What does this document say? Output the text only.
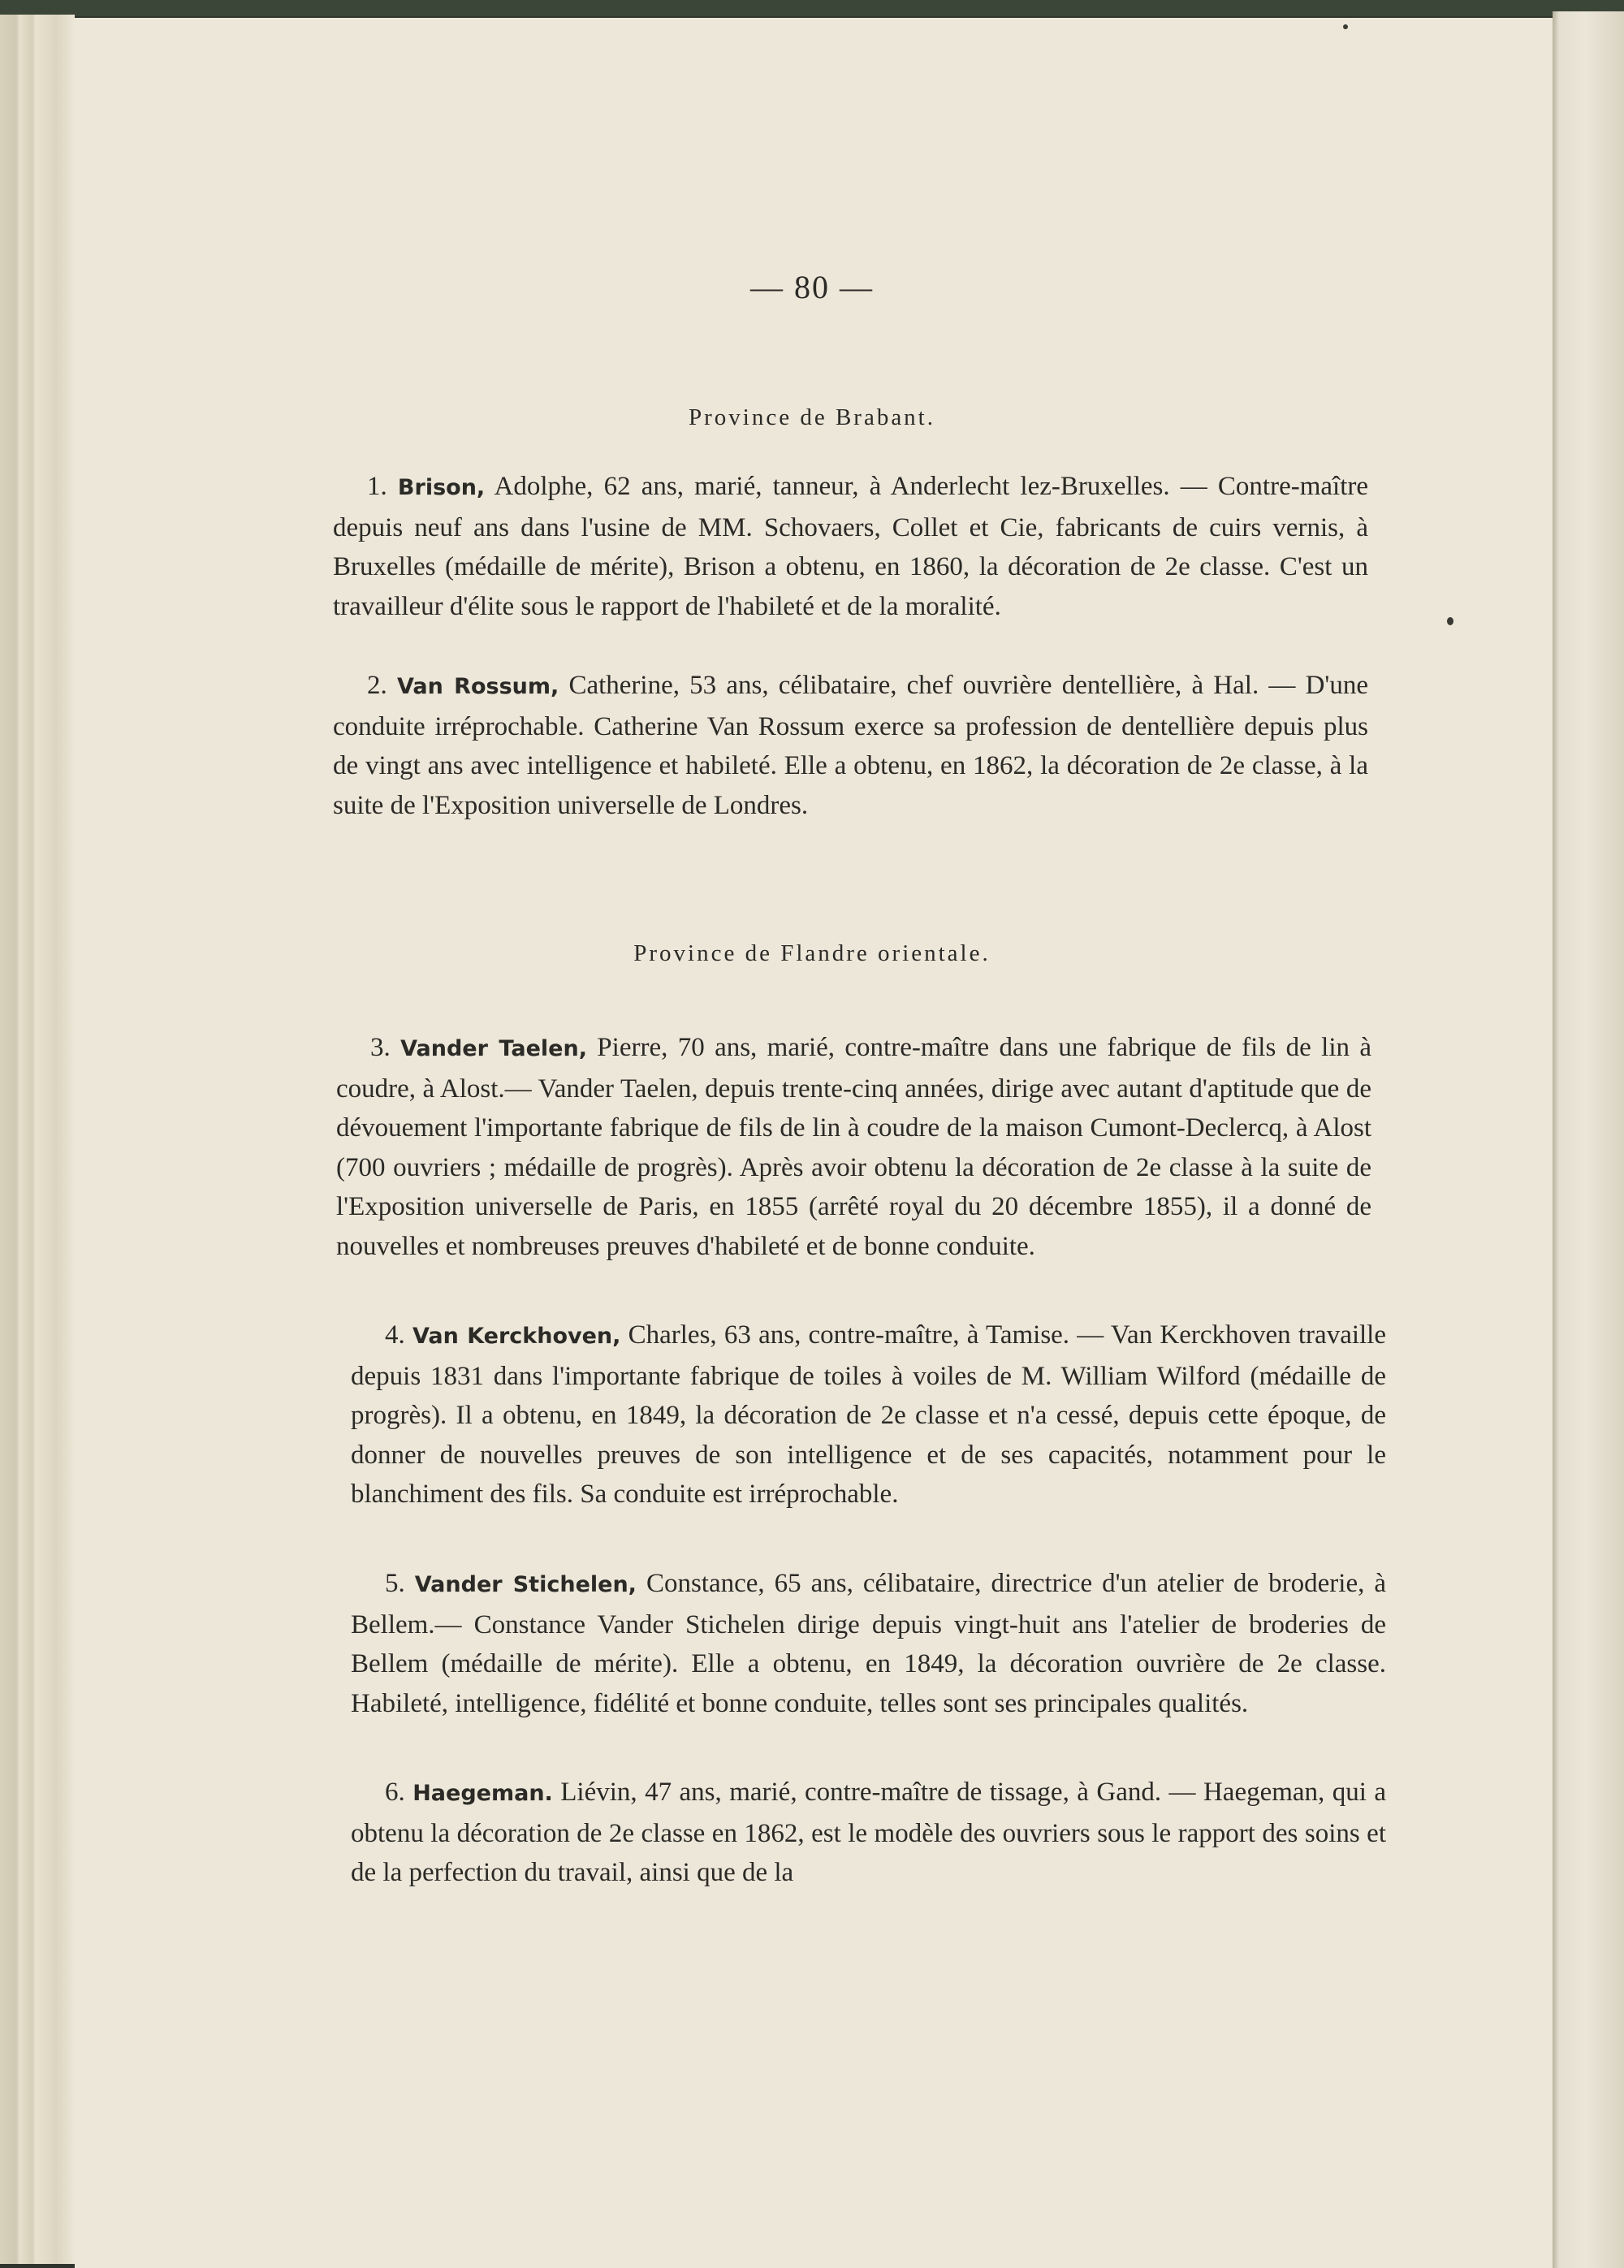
— 80 —
Province de Brabant.
1. Brison, Adolphe, 62 ans, marié, tanneur, à Anderlecht lez-Bruxelles. — Contre-maître depuis neuf ans dans l'usine de MM. Schovaers, Collet et Cie, fabricants de cuirs vernis, à Bruxelles (médaille de mérite), Brison a obtenu, en 1860, la décoration de 2e classe. C'est un travailleur d'élite sous le rapport de l'habileté et de la moralité.
2. Van Rossum, Catherine, 53 ans, célibataire, chef ouvrière dentellière, à Hal. — D'une conduite irréprochable. Catherine Van Rossum exerce sa profession de dentellière depuis plus de vingt ans avec intelligence et habileté. Elle a obtenu, en 1862, la décoration de 2e classe, à la suite de l'Exposition universelle de Londres.
Province de Flandre orientale.
3. Vander Taelen, Pierre, 70 ans, marié, contre-maître dans une fabrique de fils de lin à coudre, à Alost.— Vander Taelen, depuis trente-cinq années, dirige avec autant d'aptitude que de dévouement l'importante fabrique de fils de lin à coudre de la maison Cumont-Declercq, à Alost (700 ouvriers ; médaille de progrès). Après avoir obtenu la décoration de 2e classe à la suite de l'Exposition universelle de Paris, en 1855 (arrêté royal du 20 décembre 1855), il a donné de nouvelles et nombreuses preuves d'habileté et de bonne conduite.
4. Van Kerckhoven, Charles, 63 ans, contre-maître, à Tamise. — Van Kerckhoven travaille depuis 1831 dans l'importante fabrique de toiles à voiles de M. William Wilford (médaille de progrès). Il a obtenu, en 1849, la décoration de 2e classe et n'a cessé, depuis cette époque, de donner de nouvelles preuves de son intelligence et de ses capacités, notamment pour le blanchiment des fils. Sa conduite est irréprochable.
5. Vander Stichelen, Constance, 65 ans, célibataire, directrice d'un atelier de broderie, à Bellem.— Constance Vander Stichelen dirige depuis vingt-huit ans l'atelier de broderies de Bellem (médaille de mérite). Elle a obtenu, en 1849, la décoration ouvrière de 2e classe. Habileté, intelligence, fidélité et bonne conduite, telles sont ses principales qualités.
6. Haegeman. Liévin, 47 ans, marié, contre-maître de tissage, à Gand. — Haegeman, qui a obtenu la décoration de 2e classe en 1862, est le modèle des ouvriers sous le rapport des soins et de la perfection du travail, ainsi que de la
